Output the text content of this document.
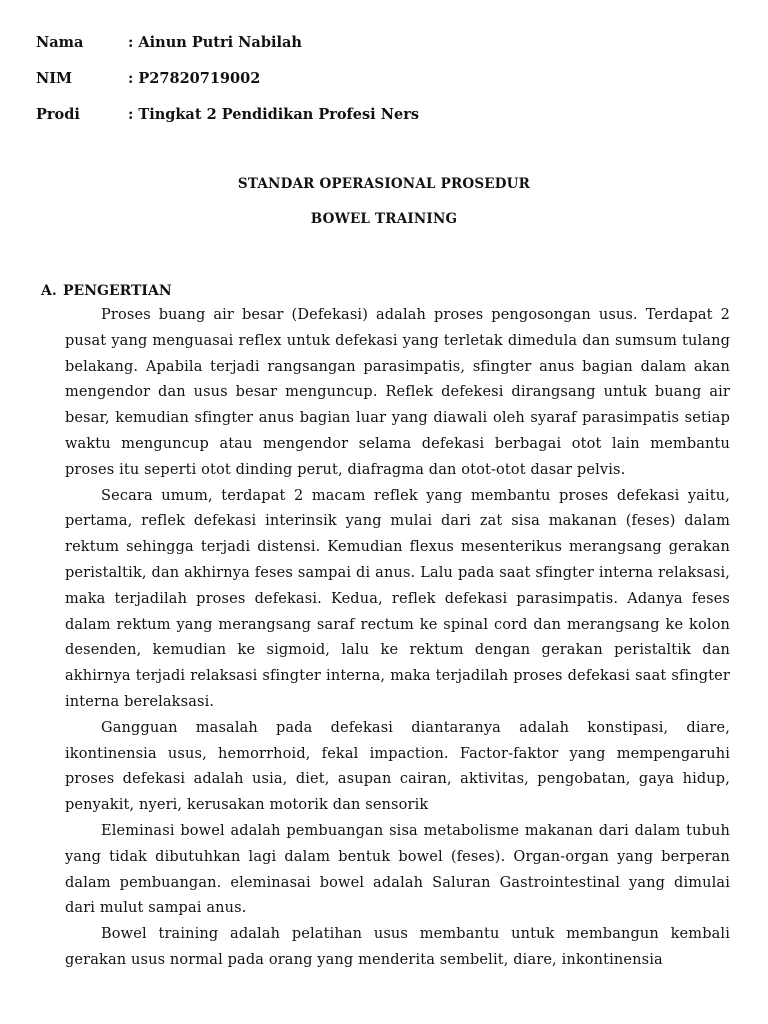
Nama	: Ainun Putri Nabilah
NIM	: P27820719002
Prodi	: Tingkat 2 Pendidikan Profesi Ners
STANDAR OPERASIONAL PROSEDUR
BOWEL TRAINING
A. PENGERTIAN

Proses buang air besar (Defekasi) adalah proses pengosongan usus. Terdapat 2 pusat yang menguasai reflex untuk defekasi yang terletak dimedula dan sumsum tulang belakang. Apabila terjadi rangsangan parasimpatis, sfingter anus bagian dalam akan mengendor dan usus besar menguncup. Reflek defekesi dirangsang untuk buang air besar, kemudian sfingter anus bagian luar yang diawali oleh syaraf parasimpatis setiap waktu menguncup atau mengendor selama defekasi berbagai otot lain membantu proses itu seperti otot dinding perut, diafragma dan otot-otot dasar pelvis.

Secara umum, terdapat 2 macam reflek yang membantu proses defekasi yaitu, pertama, reflek defekasi interinsik yang mulai dari zat sisa makanan (feses) dalam rektum sehingga terjadi distensi. Kemudian flexus mesenterikus merangsang gerakan peristaltik, dan akhirnya feses sampai di anus. Lalu pada saat sfingter interna relaksasi, maka terjadilah proses defekasi. Kedua, reflek defekasi parasimpatis. Adanya feses dalam rektum yang merangsang saraf rectum ke spinal cord dan merangsang ke kolon desenden, kemudian ke sigmoid, lalu ke rektum dengan gerakan peristaltik dan akhirnya terjadi relaksasi sfingter interna, maka terjadilah proses defekasi saat sfingter interna berelaksasi.

Gangguan masalah pada defekasi diantaranya adalah konstipasi, diare, ikontinensia usus, hemorrhoid, fekal impaction. Factor-faktor yang mempengaruhi proses defekasi adalah usia, diet, asupan cairan, aktivitas, pengobatan, gaya hidup, penyakit, nyeri, kerusakan motorik dan sensorik

Eleminasi bowel adalah pembuangan sisa metabolisme makanan dari dalam tubuh yang tidak dibutuhkan lagi dalam bentuk bowel (feses). Organ-organ yang berperan dalam pembuangan. eleminasai bowel adalah Saluran Gastrointestinal yang dimulai dari mulut sampai anus.

Bowel training adalah pelatihan usus membantu untuk membangun kembali gerakan usus normal pada orang yang menderita sembelit, diare, inkontinensia
